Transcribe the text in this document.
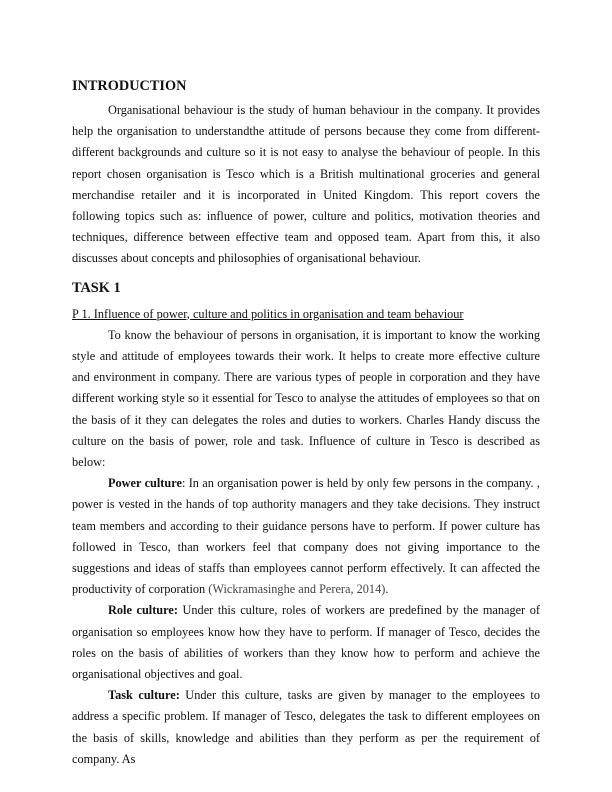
INTRODUCTION

Organisational behaviour is the study of human behaviour in the company. It provides help the organisation to understandthe attitude of persons because they come from different-different backgrounds and culture so it is not easy to analyse the behaviour of people. In this report chosen organisation is Tesco which is a British multinational groceries and general merchandise retailer and it is incorporated in United Kingdom. This report covers the following topics such as: influence of power, culture and politics, motivation theories and techniques, difference between effective team and opposed team. Apart from this, it also discusses about concepts and philosophies of organisational behaviour.

TASK 1

P 1. Influence of power, culture and politics in organisation and team behaviour

To know the behaviour of persons in organisation, it is important to know the working style and attitude of employees towards their work. It helps to create more effective culture and environment in company. There are various types of people in corporation and they have different working style so it essential for Tesco to analyse the attitudes of employees so that on the basis of it they can delegates the roles and duties to workers. Charles Handy discuss the culture on the basis of power, role and task. Influence of culture in Tesco is described as below:

Power culture: In an organisation power is held by only few persons in the company. , power is vested in the hands of top authority managers and they take decisions. They instruct team members and according to their guidance persons have to perform. If power culture has followed in Tesco, than workers feel that company does not giving importance to the suggestions and ideas of staffs than employees cannot perform effectively. It can affected the productivity of corporation (Wickramasinghe and Perera, 2014).

Role culture: Under this culture, roles of workers are predefined by the manager of organisation so employees know how they have to perform. If manager of Tesco, decides the roles on the basis of abilities of workers than they know how to perform and achieve the organisational objectives and goal.

Task culture: Under this culture, tasks are given by manager to the employees to address a specific problem. If manager of Tesco, delegates the task to different employees on the basis of skills, knowledge and abilities than they perform as per the requirement of company. As
